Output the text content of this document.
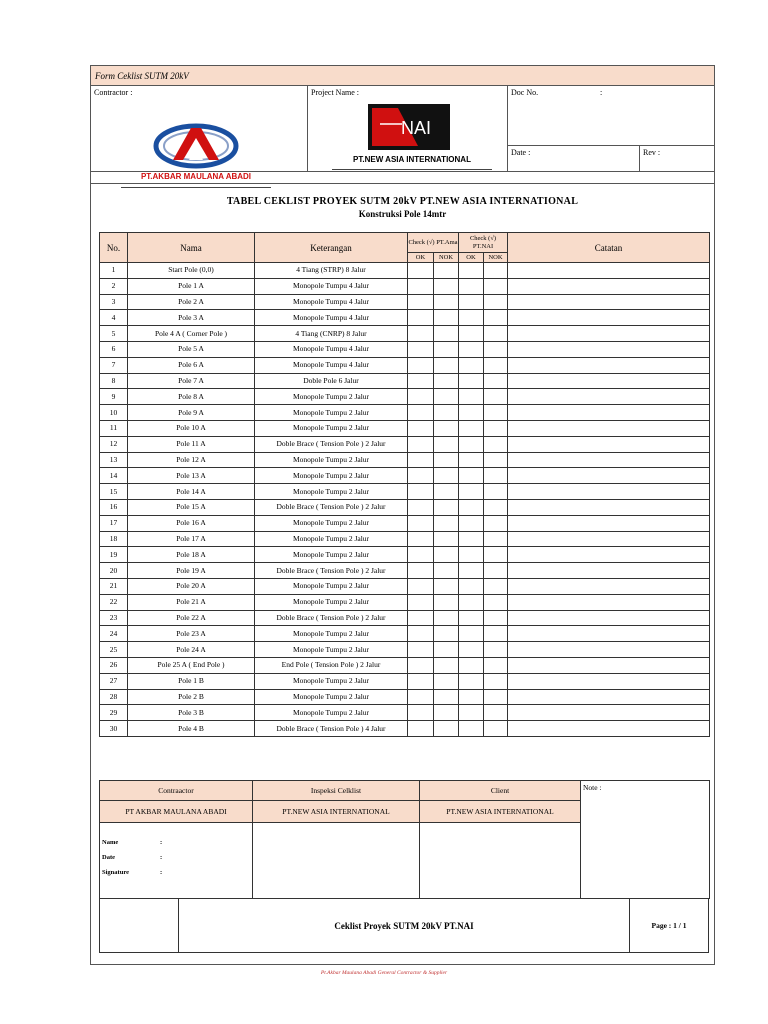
Form Ceklist SUTM 20kV
Contractor :
PT.AKBAR MAULANA ABADI
Project Name :
NAI
PT.NEW ASIA INTERNATIONAL
Doc No.	:
Date :	Rev :
TABEL CEKLIST PROYEK SUTM 20kV PT.NEW ASIA INTERNATIONAL
Konstruksi Pole 14mtr
No.	Nama	Keterangan	Check (√) PT.Ama		Check (√) PT.NAI		Catatan
			OK	NOK	OK	NOK	
1	Start Pole (0,0)	4 Tiang (STRP) 8 Jalur					
2	Pole 1 A	Monopole Tumpu 4 Jalur					
3	Pole 2 A	Monopole Tumpu 4 Jalur					
4	Pole 3 A	Monopole Tumpu 4 Jalur					
5	Pole 4 A ( Corner Pole )	4 Tiang (CNRP) 8 Jalur					
6	Pole 5 A	Monopole Tumpu 4 Jalur					
7	Pole 6 A	Monopole Tumpu 4 Jalur					
8	Pole 7 A	Doble Pole 6 Jalur					
9	Pole 8 A	Monopole Tumpu 2 Jalur					
10	Pole 9 A	Monopole Tumpu 2 Jalur					
11	Pole 10 A	Monopole Tumpu 2 Jalur					
12	Pole 11 A	Doble Brace ( Tension Pole ) 2 Jalur					
13	Pole 12 A	Monopole Tumpu 2 Jalur					
14	Pole 13 A	Monopole Tumpu 2 Jalur					
15	Pole 14 A	Monopole Tumpu 2 Jalur					
16	Pole 15 A	Doble Brace ( Tension Pole ) 2 Jalur					
17	Pole 16 A	Monopole Tumpu 2 Jalur					
18	Pole 17 A	Monopole Tumpu 2 Jalur					
19	Pole 18 A	Monopole Tumpu 2 Jalur					
20	Pole 19 A	Doble Brace ( Tension Pole ) 2 Jalur					
21	Pole 20 A	Monopole Tumpu 2 Jalur					
22	Pole 21 A	Monopole Tumpu 2 Jalur					
23	Pole 22 A	Doble Brace ( Tension Pole ) 2 Jalur					
24	Pole 23 A	Monopole Tumpu 2 Jalur					
25	Pole 24 A	Monopole Tumpu 2 Jalur					
26	Pole 25 A ( End Pole )	End Pole ( Tension Pole ) 2 Jalur					
27	Pole 1 B	Monopole Tumpu 2 Jalur					
28	Pole 2 B	Monopole Tumpu 2 Jalur					
29	Pole 3 B	Monopole Tumpu 2 Jalur					
30	Pole 4 B	Doble Brace ( Tension Pole ) 4 Jalur					
Contraactor	Inspeksi Celklist	Client	Note :
PT AKBAR MAULANA ABADI	PT.NEW ASIA INTERNATIONAL	PT.NEW ASIA INTERNATIONAL	

Name :
Date :
Signature :			

Ceklist Proyek SUTM 20kV PT.NAI	Page : 1 / 1
Pt.Akbar Maulana Abadi General Contractor & Supplier
